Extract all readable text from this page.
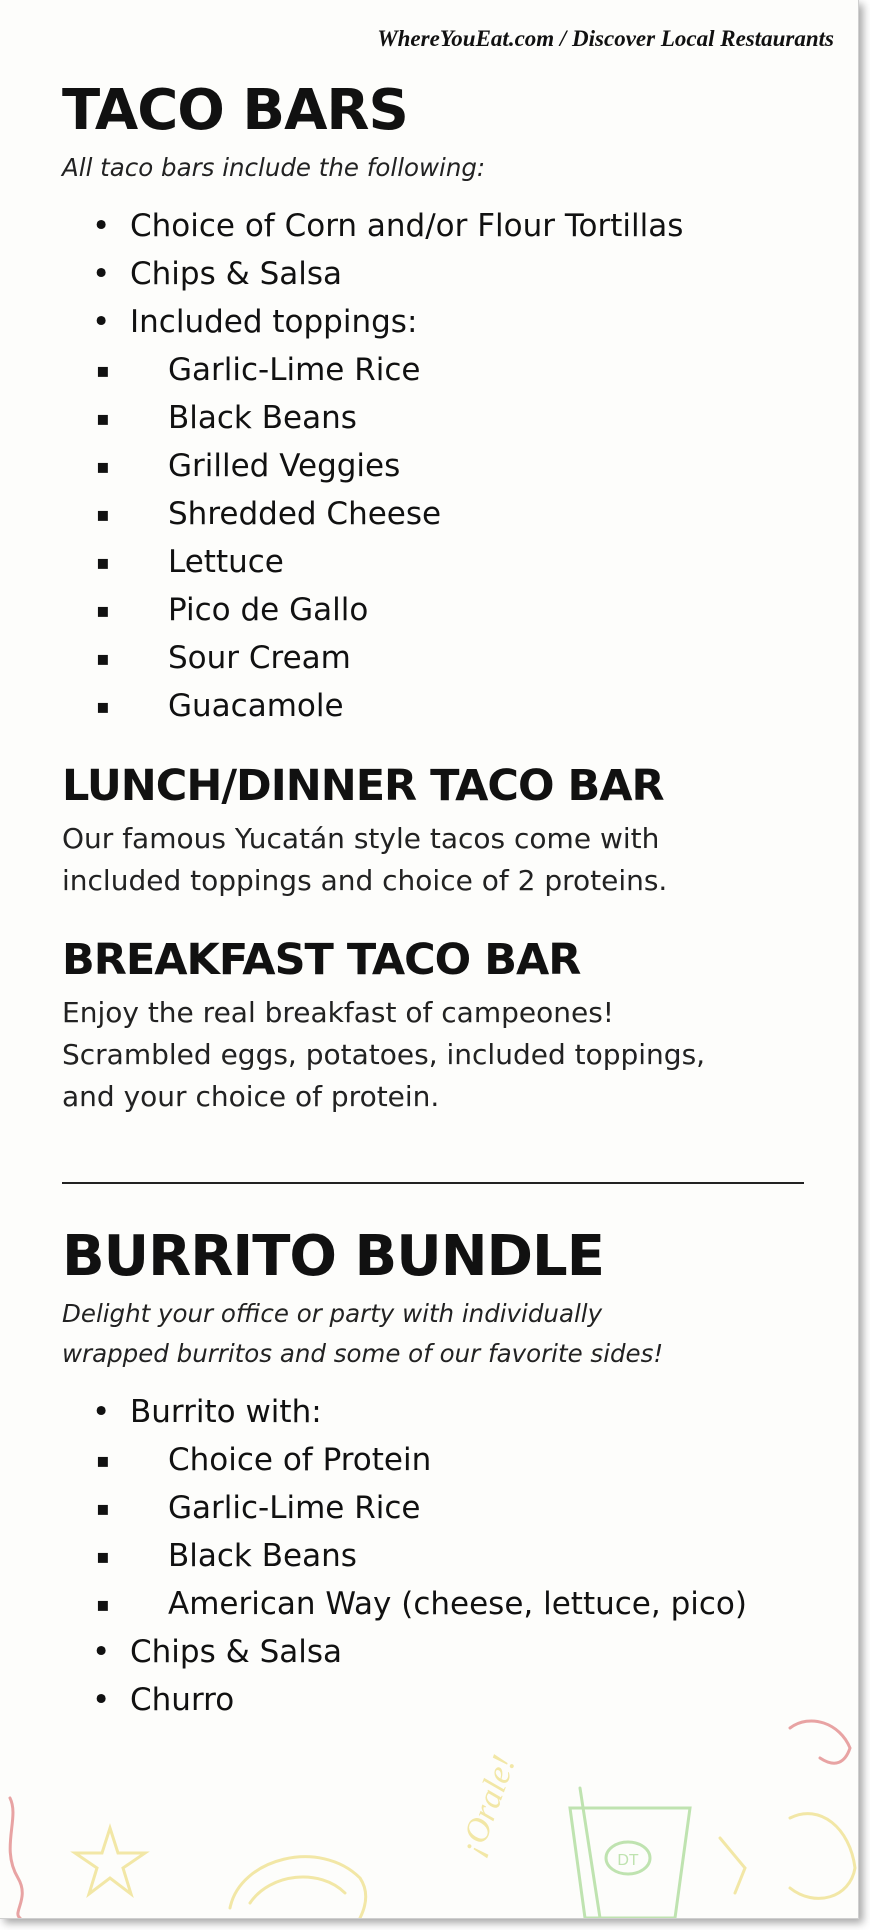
WhereYouEat.com / Discover Local Restaurants
TACO BARS

All taco bars include the following:

• Choice of Corn and/or Flour Tortillas
• Chips & Salsa
• Included toppings:
▪ Garlic-Lime Rice
▪ Black Beans
▪ Grilled Veggies
▪ Shredded Cheese
▪ Lettuce
▪ Pico de Gallo
▪ Sour Cream
▪ Guacamole
LUNCH/DINNER TACO BAR

Our famous Yucatán style tacos come with

included toppings and choice of 2 proteins.

BREAKFAST TACO BAR

Enjoy the real breakfast of campeones!

Scrambled eggs, potatoes, included toppings,

and your choice of protein.

BURRITO BUNDLE

Delight your office or party with individually

wrapped burritos and some of our favorite sides!

• Burrito with:
▪ Choice of Protein
▪ Garlic-Lime Rice
▪ Black Beans
▪ American Way (cheese, lettuce, pico)
• Chips & Salsa
• Churro
DT
¡Orale!
